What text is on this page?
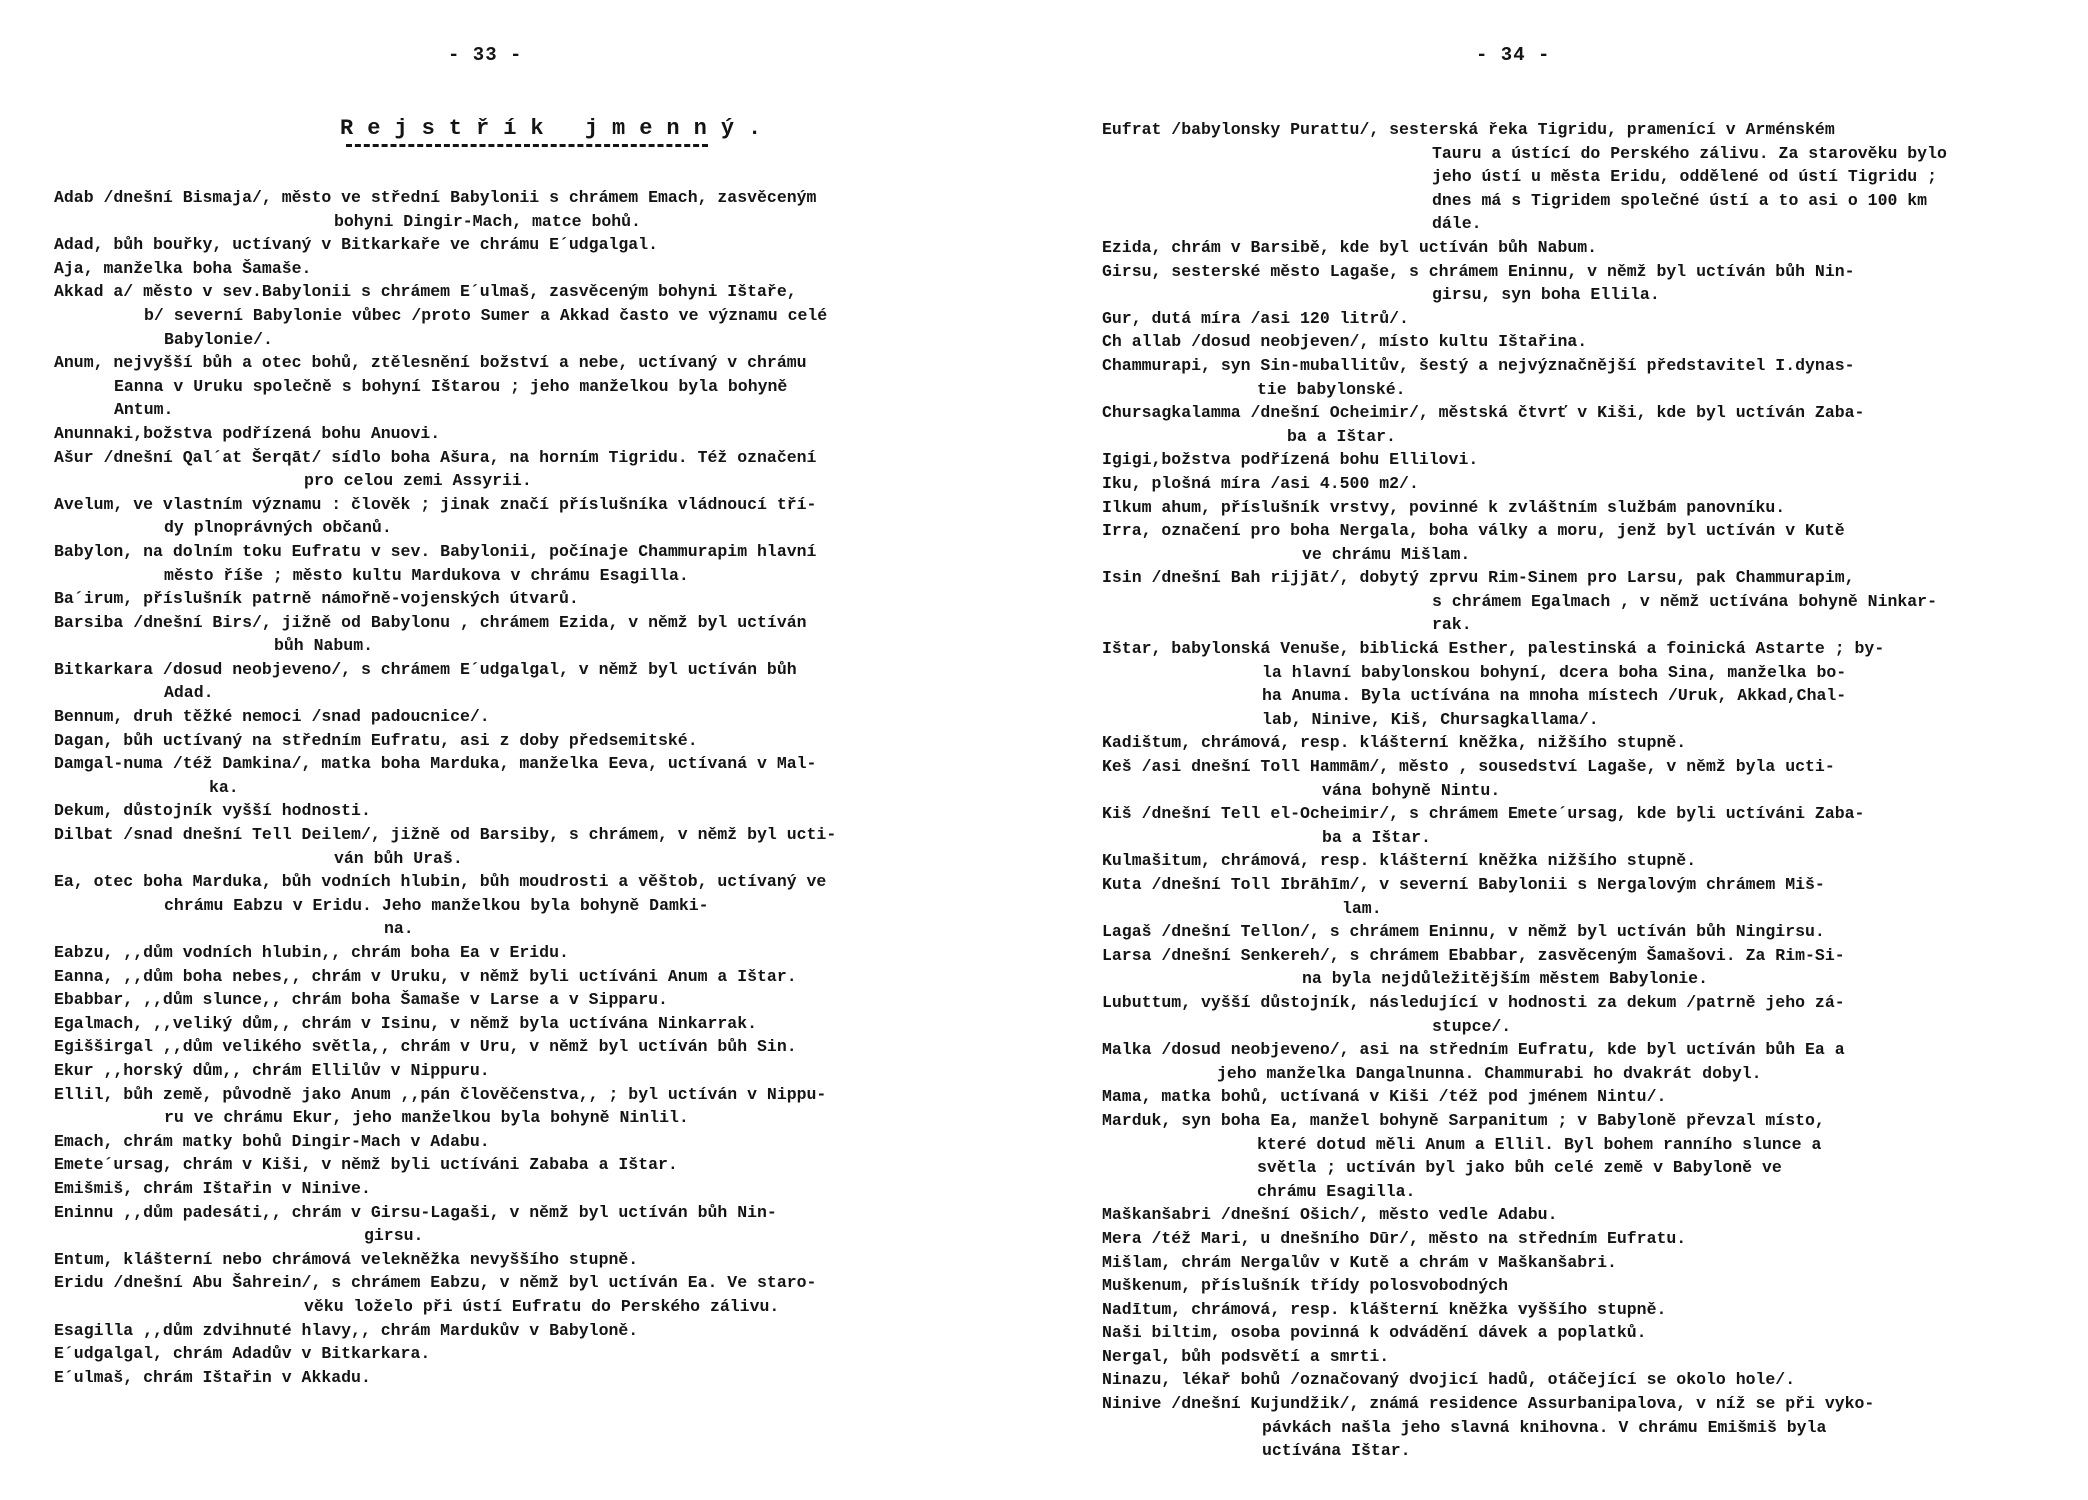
- 33 -
Rejstřík jmenný.
Adab /dnešní Bismaja/, město ve střední Babylonii s chrámem Emach, zasvěceným
bohyni Dingir-Mach, matce bohů.
Adad, bůh bouřky, uctívaný v Bitkarkaře ve chrámu E´udgalgal.
Aja, manželka boha Šamaše.
Akkad a/ město v sev.Babylonii s chrámem E´ulmaš, zasvěceným bohyni Ištaře,
b/ severní Babylonie vůbec /proto Sumer a Akkad často ve významu celé
Babylonie/.
Anum, nejvyšší bůh a otec bohů, ztělesnění božství a nebe, uctívaný v chrámu
Eanna v Uruku společně s bohyní Ištarou ; jeho manželkou byla bohyně
Antum.
Anunnaki,božstva podřízená bohu Anuovi.
Ašur /dnešní Qal´at Šerqāt/ sídlo boha Ašura, na horním Tigridu. Též označení
pro celou zemi Assyrii.
Avelum, ve vlastním významu : člověk ; jinak značí příslušníka vládnoucí tří-
dy plnoprávných občanů.
Babylon, na dolním toku Eufratu v sev. Babylonii, počínaje Chammurapim hlavní
město říše ; město kultu Mardukova v chrámu Esagilla.
Ba´irum, příslušník patrně námořně-vojenských útvarů.
Barsiba /dnešní Birs/, jižně od Babylonu , chrámem Ezida, v němž byl uctíván
bůh Nabum.
Bitkarkara /dosud neobjeveno/, s chrámem E´udgalgal, v němž byl uctíván bůh
Adad.
Bennum, druh těžké nemoci /snad padoucnice/.
Dagan, bůh uctívaný na středním Eufratu, asi z doby předsemitské.
Damgal-numa /též Damkina/, matka boha Marduka, manželka Eeva, uctívaná v Mal-
ka.
Dekum, důstojník vyšší hodnosti.
Dilbat /snad dnešní Tell Deilem/, jižně od Barsiby, s chrámem, v němž byl ucti-
ván bůh Uraš.
Ea, otec boha Marduka, bůh vodních hlubin, bůh moudrosti a věštob, uctívaný ve
chrámu Eabzu v Eridu. Jeho manželkou byla bohyně Damki-
na.
Eabzu, ,,dům vodních hlubin,, chrám boha Ea v Eridu.
Eanna, ,,dům boha nebes,, chrám v Uruku, v němž byli uctíváni Anum a Ištar.
Ebabbar, ,,dům slunce,, chrám boha Šamaše v Larse a v Sipparu.
Egalmach, ,,veliký dům,, chrám v Isinu, v němž byla uctívána Ninkarrak.
Egišširgal ,,dům velikého světla,, chrám v Uru, v němž byl uctíván bůh Sin.
Ekur ,,horský dům,, chrám Ellilův v Nippuru.
Ellil, bůh země, původně jako Anum ,,pán člověčenstva,, ; byl uctíván v Nippu-
ru ve chrámu Ekur, jeho manželkou byla bohyně Ninlil.
Emach, chrám matky bohů Dingir-Mach v Adabu.
Emete´ursag, chrám v Kiši, v němž byli uctíváni Zababa a Ištar.
Emišmiš, chrám Ištařin v Ninive.
Eninnu ,,dům padesáti,, chrám v Girsu-Lagaši, v němž byl uctíván bůh Nin-
girsu.
Entum, klášterní nebo chrámová velekněžka nevyššího stupně.
Eridu /dnešní Abu Šahrein/, s chrámem Eabzu, v němž byl uctíván Ea. Ve staro-
věku loželo při ústí Eufratu do Perského zálivu.
Esagilla ,,dům zdvihnuté hlavy,, chrám Mardukův v Babyloně.
E´udgalgal, chrám Adadův v Bitkarkara.
E´ulmaš, chrám Ištařin v Akkadu.
- 34 -
Eufrat /babylonsky Purattu/, sesterská řeka Tigridu, pramenící v Arménském
Tauru a ústící do Perského zálivu. Za starověku bylo
jeho ústí u města Eridu, oddělené od ústí Tigridu ;
dnes má s Tigridem společné ústí a to asi o 100 km
dále.
Ezida, chrám v Barsibě, kde byl uctíván bůh Nabum.
Girsu, sesterské město Lagaše, s chrámem Eninnu, v němž byl uctíván bůh Nin-
girsu, syn boha Ellila.
Gur, dutá míra /asi 120 litrů/.
Ch allab /dosud neobjeven/, místo kultu Ištařina.
Chammurapi, syn Sin-muballitův, šestý a nejvýznačnější představitel I.dynas-
tie babylonské.
Chursagkalamma /dnešní Ocheimir/, městská čtvrť v Kiši, kde byl uctíván Zaba-
ba a Ištar.
Igigi,božstva podřízená bohu Ellilovi.
Iku, plošná míra /asi 4.500 m2/.
Ilkum ahum, příslušník vrstvy, povinné k zvláštním službám panovníku.
Irra, označení pro boha Nergala, boha války a moru, jenž byl uctíván v Kutě
ve chrámu Mišlam.
Isin /dnešní Bah rijjāt/, dobytý zprvu Rim-Sinem pro Larsu, pak Chammurapim,
s chrámem Egalmach , v němž uctívána bohyně Ninkar-
rak.
Ištar, babylonská Venuše, biblická Esther, palestinská a foinická Astarte ; by-
la hlavní babylonskou bohyní, dcera boha Sina, manželka bo-
ha Anuma. Byla uctívána na mnoha místech /Uruk, Akkad,Chal-
lab, Ninive, Kiš, Chursagkallama/.
Kadištum, chrámová, resp. klášterní kněžka, nižšího stupně.
Keš /asi dnešní Toll Hammām/, město , sousedství Lagaše, v němž byla ucti-
vána bohyně Nintu.
Kiš /dnešní Tell el-Ocheimir/, s chrámem Emete´ursag, kde byli uctíváni Zaba-
ba a Ištar.
Kulmašitum, chrámová, resp. klášterní kněžka nižšího stupně.
Kuta /dnešní Toll Ibrāhīm/, v severní Babylonii s Nergalovým chrámem Miš-
lam.
Lagaš /dnešní Tellon/, s chrámem Eninnu, v němž byl uctíván bůh Ningirsu.
Larsa /dnešní Senkereh/, s chrámem Ebabbar, zasvěceným Šamašovi. Za Rim-Si-
na byla nejdůležitějším městem Babylonie.
Lubuttum, vyšší důstojník, následující v hodnosti za dekum /patrně jeho zá-
stupce/.
Malka /dosud neobjeveno/, asi na středním Eufratu, kde byl uctíván bůh Ea a
jeho manželka Dangalnunna. Chammurabi ho dvakrát dobyl.
Mama, matka bohů, uctívaná v Kiši /též pod jménem Nintu/.
Marduk, syn boha Ea, manžel bohyně Sarpanitum ; v Babyloně převzal místo,
které dotud měli Anum a Ellil. Byl bohem ranního slunce a
světla ; uctíván byl jako bůh celé země v Babyloně ve
chrámu Esagilla.
Maškanšabri /dnešní Ošich/, město vedle Adabu.
Mera /též Mari, u dnešního Dūr/, město na středním Eufratu.
Mišlam, chrám Nergalův v Kutě a chrám v Maškanšabri.
Muškenum, příslušník třídy polosvobodných
Nadītum, chrámová, resp. klášterní kněžka vyššího stupně.
Naši biltim, osoba povinná k odvádění dávek a poplatků.
Nergal, bůh podsvětí a smrti.
Ninazu, lékař bohů /označovaný dvojicí hadů, otáčející se okolo hole/.
Ninive /dnešní Kujundžik/, známá residence Assurbanipalova, v níž se při vyko-
pávkách našla jeho slavná knihovna. V chrámu Emišmiš byla
uctívána Ištar.
